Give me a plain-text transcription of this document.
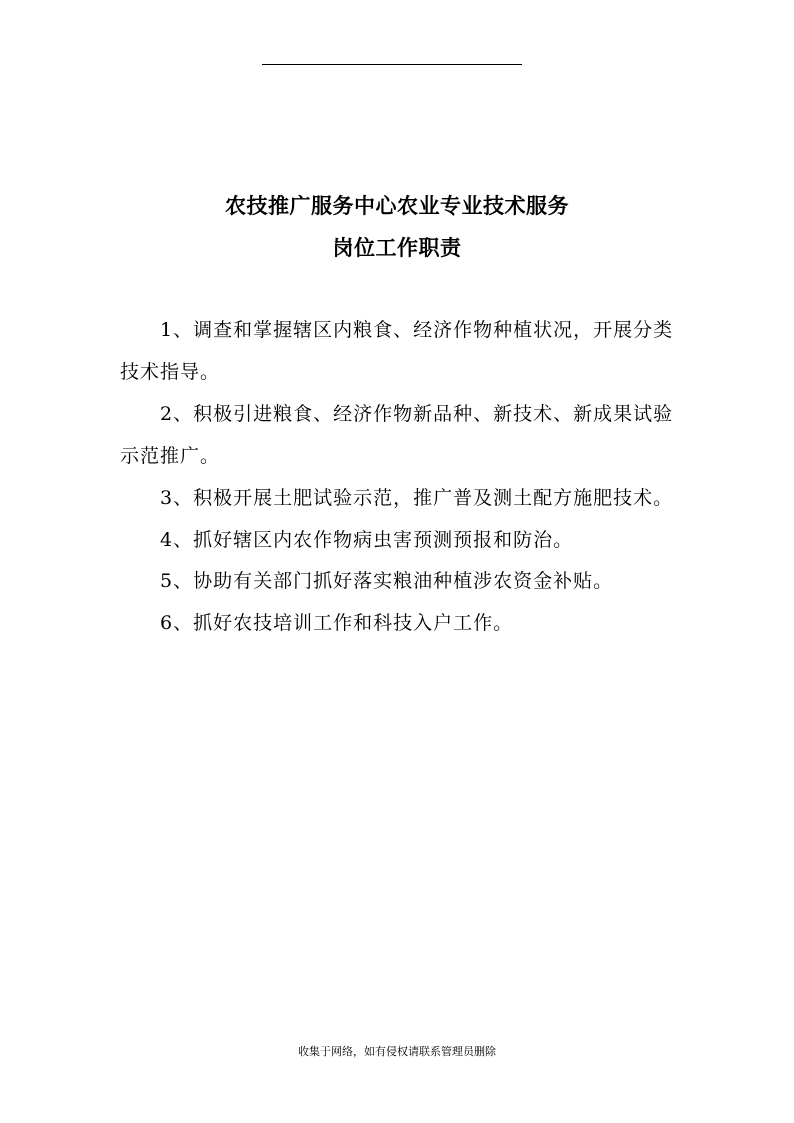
农技推广服务中心农业专业技术服务
岗位工作职责
1、调查和掌握辖区内粮食、经济作物种植状况，开展分类
技术指导。
2、积极引进粮食、经济作物新品种、新技术、新成果试验
示范推广。
3、积极开展土肥试验示范，推广普及测土配方施肥技术。
4、抓好辖区内农作物病虫害预测预报和防治。
5、协助有关部门抓好落实粮油种植涉农资金补贴。
6、抓好农技培训工作和科技入户工作。
收集于网络，如有侵权请联系管理员删除
